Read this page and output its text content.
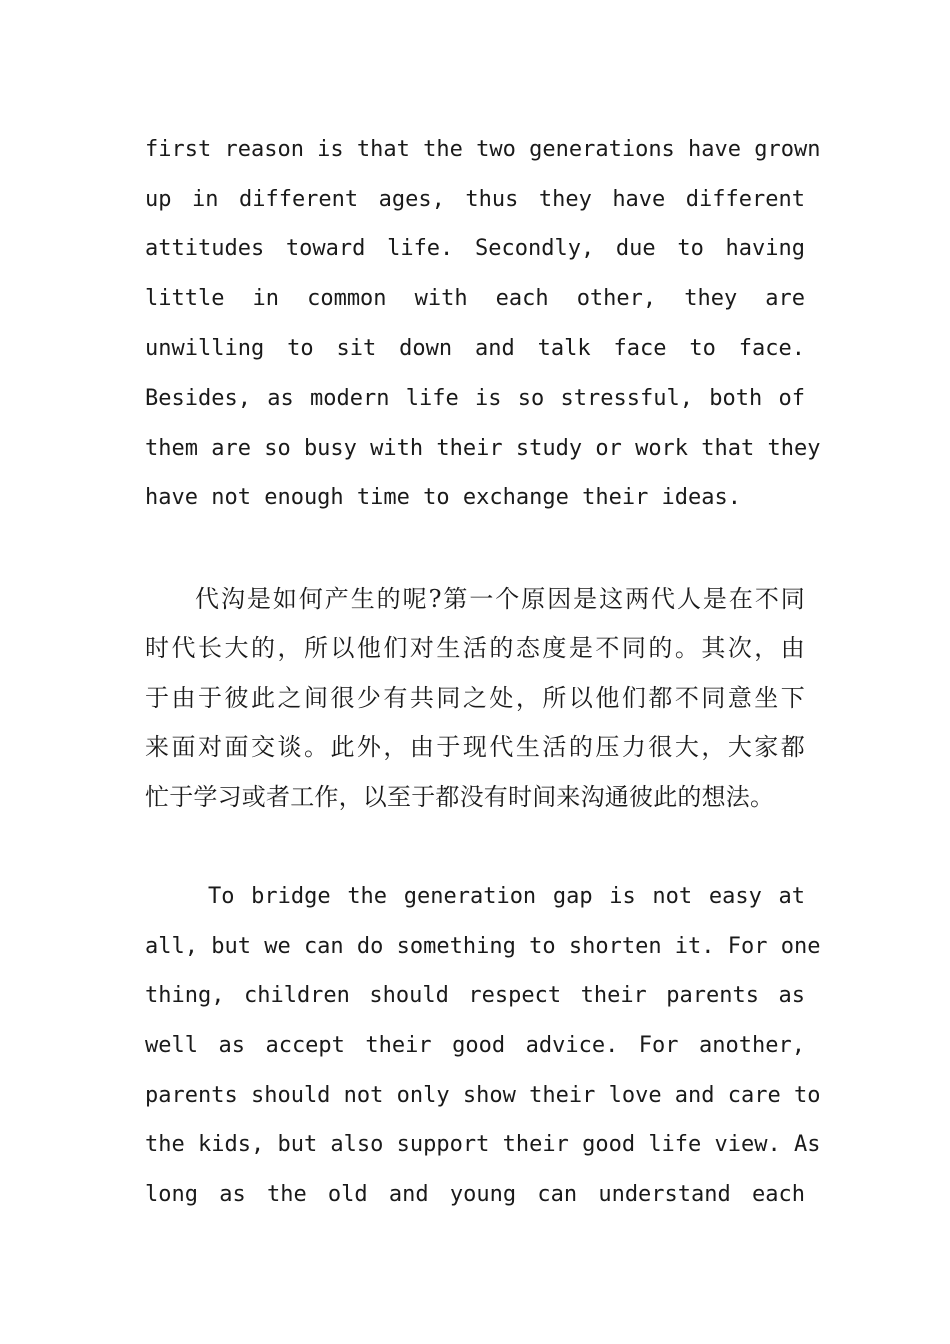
first reason is that the two generations have grown
up in different ages, thus they have different
attitudes toward life. Secondly, due to having
little in common with each other, they are
unwilling to sit down and talk face to face.
Besides, as modern life is so stressful, both of
them are so busy with their study or work that they
have not enough time to exchange their ideas.
代沟是如何产生的呢?第一个原因是这两代人是在不同
时代长大的，所以他们对生活的态度是不同的。其次，由
于由于彼此之间很少有共同之处，所以他们都不同意坐下
来面对面交谈。此外，由于现代生活的压力很大，大家都
忙于学习或者工作，以至于都没有时间来沟通彼此的想法。
To bridge the generation gap is not easy at
all, but we can do something to shorten it. For one
thing, children should respect their parents as
well as accept their good advice. For another,
parents should not only show their love and care to
the kids, but also support their good life view. As
long as the old and young can understand each
